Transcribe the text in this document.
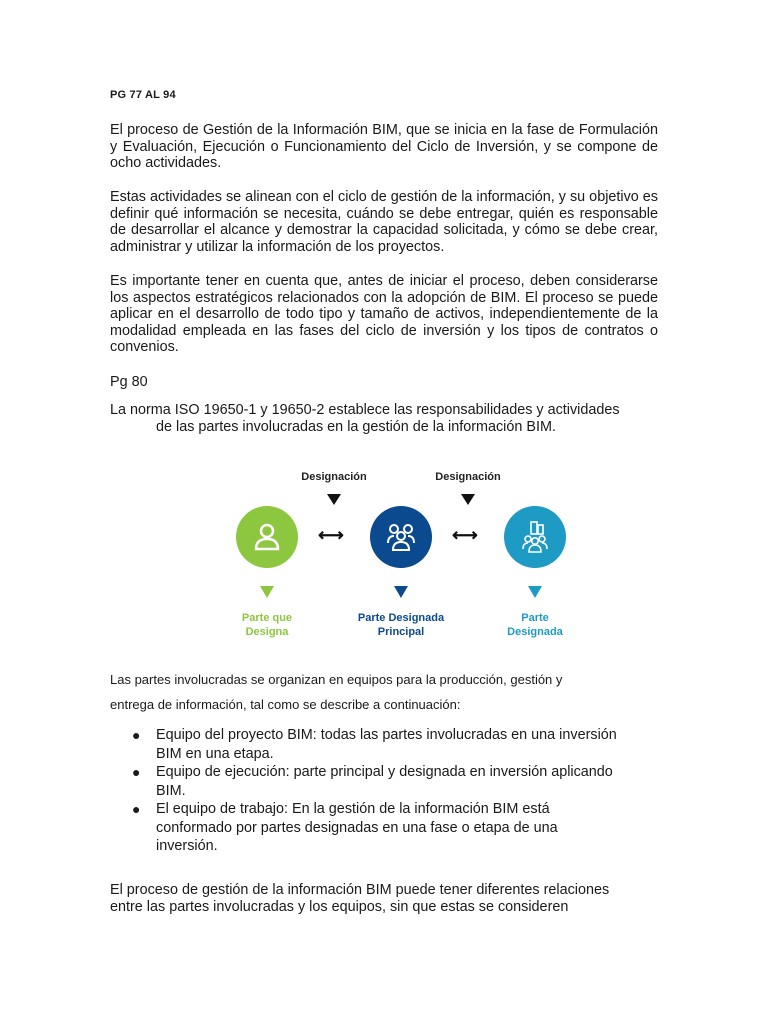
PG 77 AL 94

El proceso de Gestión de la Información BIM, que se inicia en la fase de Formulación y Evaluación, Ejecución o Funcionamiento del Ciclo de Inversión, y se compone de ocho actividades.

Estas actividades se alinean con el ciclo de gestión de la información, y su objetivo es definir qué información se necesita, cuándo se debe entregar, quién es responsable de desarrollar el alcance y demostrar la capacidad solicitada, y cómo se debe crear, administrar y utilizar la información de los proyectos.

Es importante tener en cuenta que, antes de iniciar el proceso, deben considerarse los aspectos estratégicos relacionados con la adopción de BIM. El proceso se puede aplicar en el desarrollo de todo tipo y tamaño de activos, independientemente de la modalidad empleada en las fases del ciclo de inversión y los tipos de contratos o convenios.

Pg 80

La norma ISO 19650-1 y 19650-2 establece las responsabilidades y actividades
de las partes involucradas en la gestión de la información BIM.

Las partes involucradas se organizan en equipos para la producción, gestión y

entrega de información, tal como se describe a continuación:

● Equipo del proyecto BIM: todas las partes involucradas en una inversión
BIM en una etapa.
● Equipo de ejecución: parte principal y designada en inversión aplicando
BIM.
● El equipo de trabajo: En la gestión de la información BIM está
conformado por partes designadas en una fase o etapa de una
inversión.

El proceso de gestión de la información BIM puede tener diferentes relaciones
entre las partes involucradas y los equipos, sin que estas se consideren

Designación	Designación
⟷	⟷
Parte que
Designa
Parte Designada
Principal
Parte
Designada
